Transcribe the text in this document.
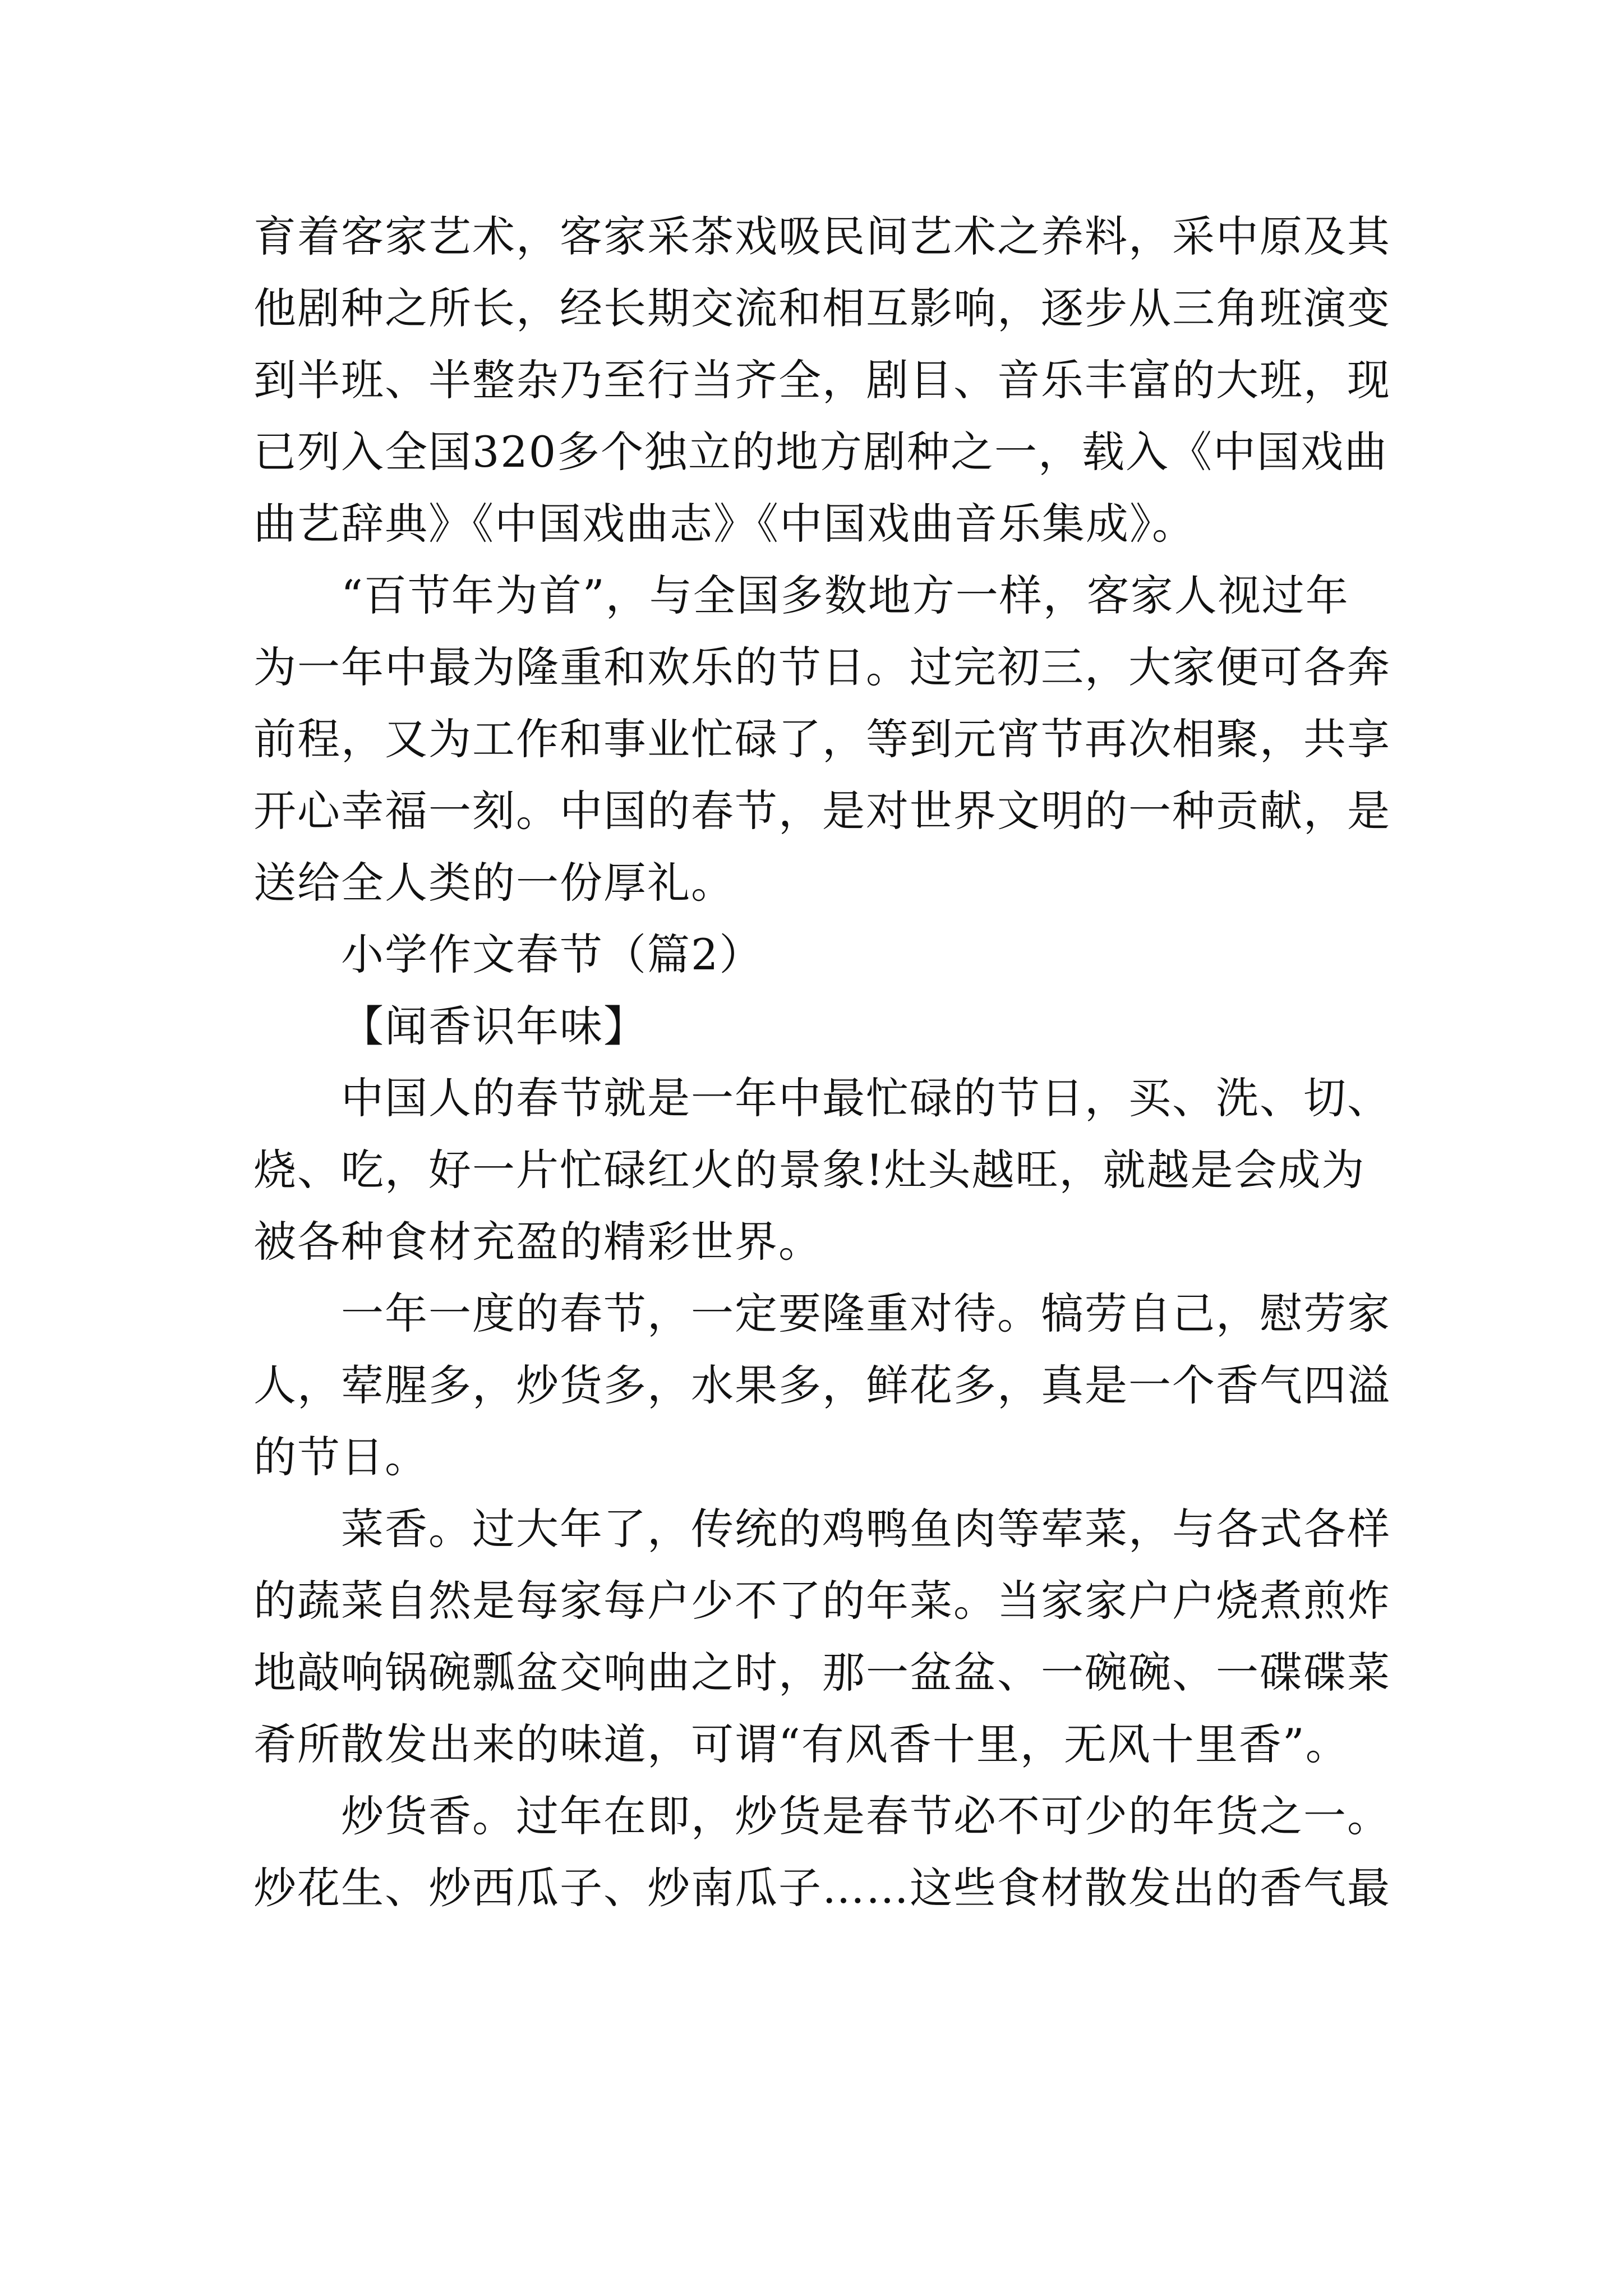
育着客家艺术，客家采茶戏吸民间艺术之养料，采中原及其
他剧种之所长，经长期交流和相互影响，逐步从三角班演变
到半班、半整杂乃至行当齐全，剧目、音乐丰富的大班，现
已列入全国320多个独立的地方剧种之一，载入《中国戏曲
曲艺辞典》《中国戏曲志》《中国戏曲音乐集成》。
“百节年为首”，与全国多数地方一样，客家人视过年
为一年中最为隆重和欢乐的节日。过完初三，大家便可各奔
前程，又为工作和事业忙碌了，等到元宵节再次相聚，共享
开心幸福一刻。中国的春节，是对世界文明的一种贡献，是
送给全人类的一份厚礼。
小学作文春节（篇2）
【闻香识年味】
中国人的春节就是一年中最忙碌的节日，买、洗、切、
烧、吃，好一片忙碌红火的景象!灶头越旺，就越是会成为
被各种食材充盈的精彩世界。
一年一度的春节，一定要隆重对待。犒劳自己，慰劳家
人，荤腥多，炒货多，水果多，鲜花多，真是一个香气四溢
的节日。
菜香。过大年了，传统的鸡鸭鱼肉等荤菜，与各式各样
的蔬菜自然是每家每户少不了的年菜。当家家户户烧煮煎炸
地敲响锅碗瓢盆交响曲之时，那一盆盆、一碗碗、一碟碟菜
肴所散发出来的味道，可谓“有风香十里，无风十里香”。
炒货香。过年在即，炒货是春节必不可少的年货之一。
炒花生、炒西瓜子、炒南瓜子……这些食材散发出的香气最
